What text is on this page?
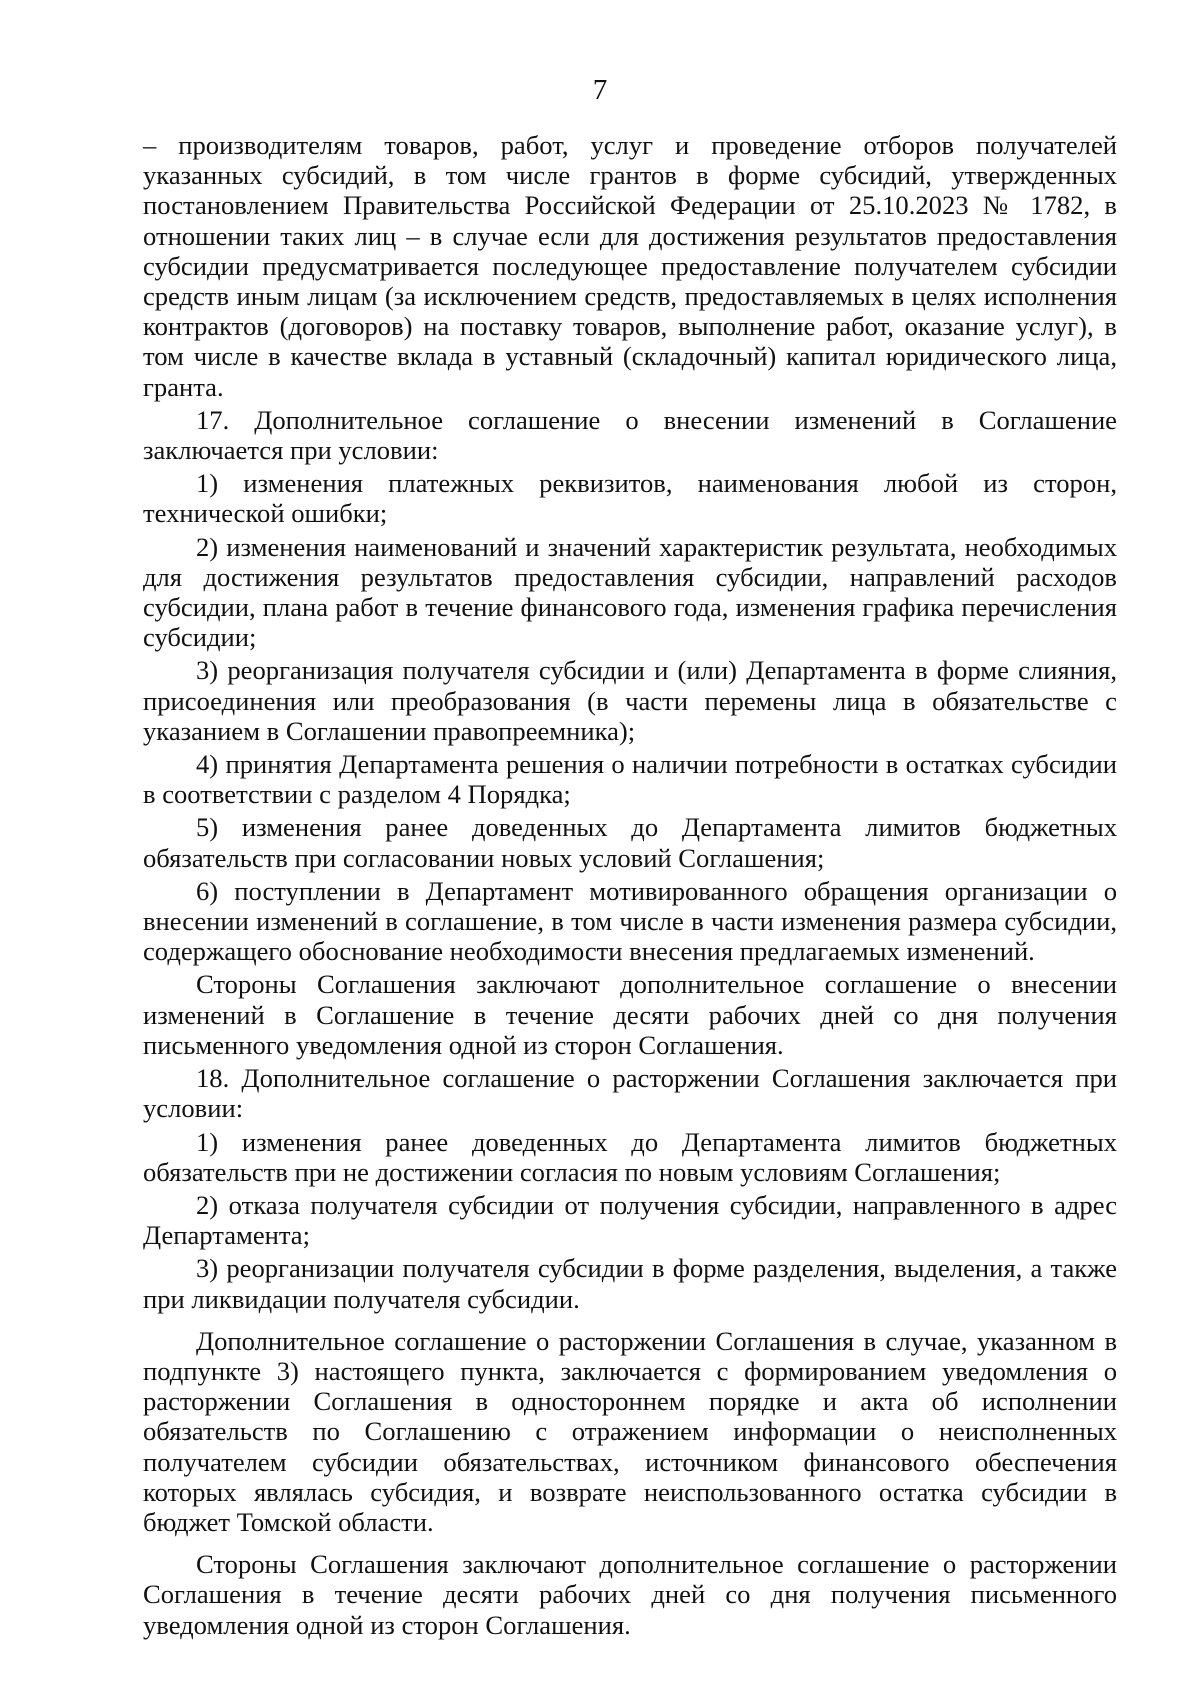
7

– производителям товаров, работ, услуг и проведение отборов получателей указанных субсидий, в том числе грантов в форме субсидий, утвержденных постановлением Правительства Российской Федерации от 25.10.2023 № 1782, в отношении таких лиц – в случае если для достижения результатов предоставления субсидии предусматривается последующее предоставление получателем субсидии средств иным лицам (за исключением средств, предоставляемых в целях исполнения контрактов (договоров) на поставку товаров, выполнение работ, оказание услуг), в том числе в качестве вклада в уставный (складочный) капитал юридического лица, гранта.

17. Дополнительное соглашение о внесении изменений в Соглашение заключается при условии:

1) изменения платежных реквизитов, наименования любой из сторон, технической ошибки;

2) изменения наименований и значений характеристик результата, необходимых для достижения результатов предоставления субсидии, направлений расходов субсидии, плана работ в течение финансового года, изменения графика перечисления субсидии;

3) реорганизация получателя субсидии и (или) Департамента в форме слияния, присоединения или преобразования (в части перемены лица в обязательстве с указанием в Соглашении правопреемника);

4) принятия Департамента решения о наличии потребности в остатках субсидии в соответствии с разделом 4 Порядка;

5) изменения ранее доведенных до Департамента лимитов бюджетных обязательств при согласовании новых условий Соглашения;

6) поступлении в Департамент мотивированного обращения организации о внесении изменений в соглашение, в том числе в части изменения размера субсидии, содержащего обоснование необходимости внесения предлагаемых изменений.

Стороны Соглашения заключают дополнительное соглашение о внесении изменений в Соглашение в течение десяти рабочих дней со дня получения письменного уведомления одной из сторон Соглашения.

18. Дополнительное соглашение о расторжении Соглашения заключается при условии:

1) изменения ранее доведенных до Департамента лимитов бюджетных обязательств при не достижении согласия по новым условиям Соглашения;

2) отказа получателя субсидии от получения субсидии, направленного в адрес Департамента;

3) реорганизации получателя субсидии в форме разделения, выделения, а также при ликвидации получателя субсидии.

Дополнительное соглашение о расторжении Соглашения в случае, указанном в подпункте 3) настоящего пункта, заключается с формированием уведомления о расторжении Соглашения в одностороннем порядке и акта об исполнении обязательств по Соглашению с отражением информации о неисполненных получателем субсидии обязательствах, источником финансового обеспечения которых являлась субсидия, и возврате неиспользованного остатка субсидии в бюджет Томской области.

Стороны Соглашения заключают дополнительное соглашение о расторжении Соглашения в течение десяти рабочих дней со дня получения письменного уведомления одной из сторон Соглашения.
